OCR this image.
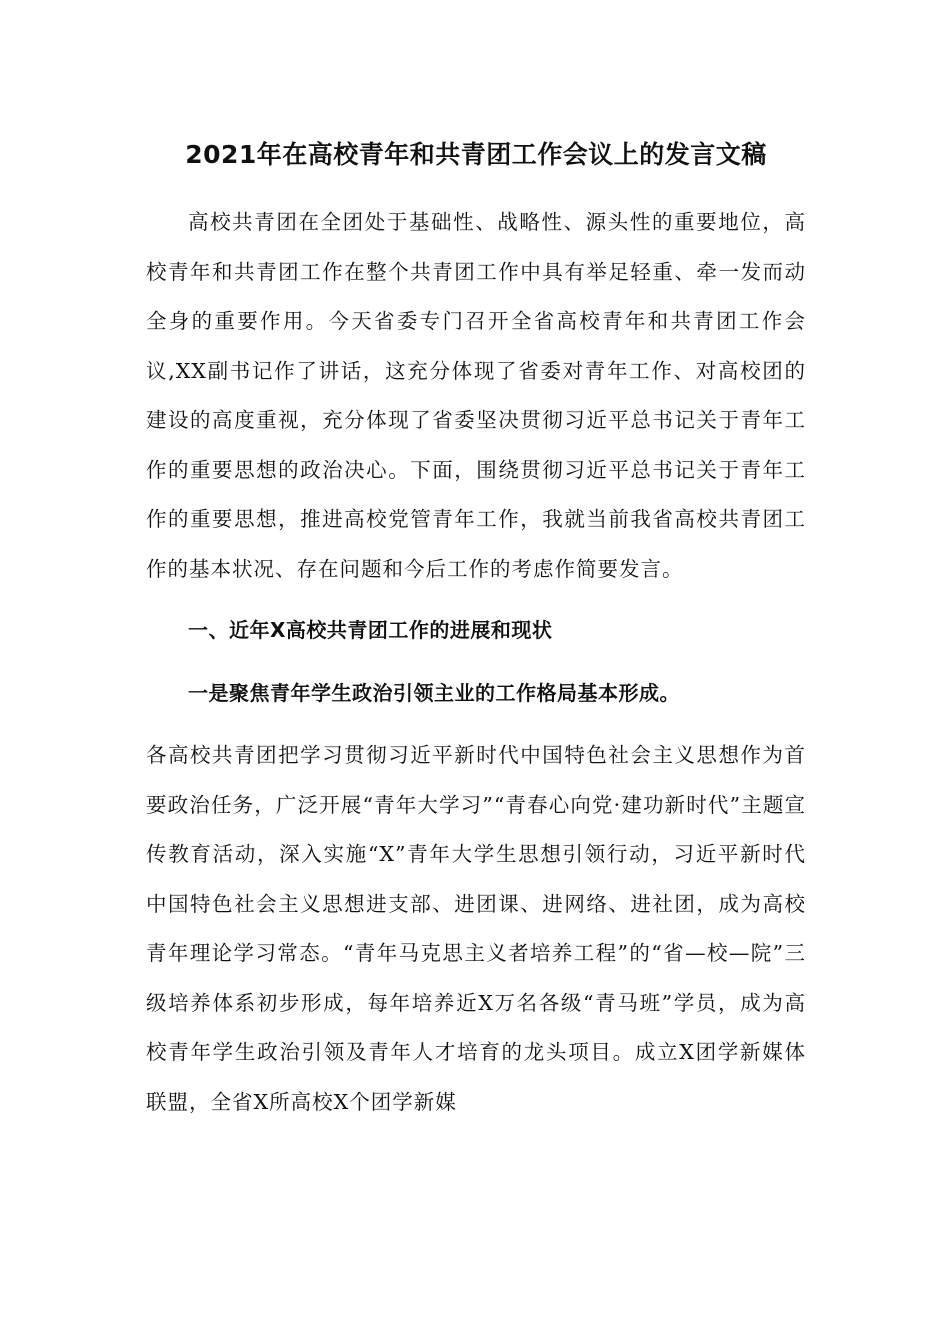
2021年在高校青年和共青团工作会议上的发言文稿

高校共青团在全团处于基础性、战略性、源头性的重要地位，高校青年和共青团工作在整个共青团工作中具有举足轻重、牵一发而动全身的重要作用。今天省委专门召开全省高校青年和共青团工作会议,XX副书记作了讲话，这充分体现了省委对青年工作、对高校团的建设的高度重视，充分体现了省委坚决贯彻习近平总书记关于青年工作的重要思想的政治决心。下面，围绕贯彻习近平总书记关于青年工作的重要思想，推进高校党管青年工作，我就当前我省高校共青团工作的基本状况、存在问题和今后工作的考虑作简要发言。

一、近年X高校共青团工作的进展和现状
一是聚焦青年学生政治引领主业的工作格局基本形成。

各高校共青团把学习贯彻习近平新时代中国特色社会主义思想作为首要政治任务，广泛开展“青年大学习”“青春心向党·建功新时代”主题宣传教育活动，深入实施“X”青年大学生思想引领行动，习近平新时代中国特色社会主义思想进支部、进团课、进网络、进社团，成为高校青年理论学习常态。“青年马克思主义者培养工程”的“省—校—院”三级培养体系初步形成，每年培养近X万名各级“青马班”学员，成为高校青年学生政治引领及青年人才培育的龙头项目。成立X团学新媒体联盟，全省X所高校X个团学新媒
